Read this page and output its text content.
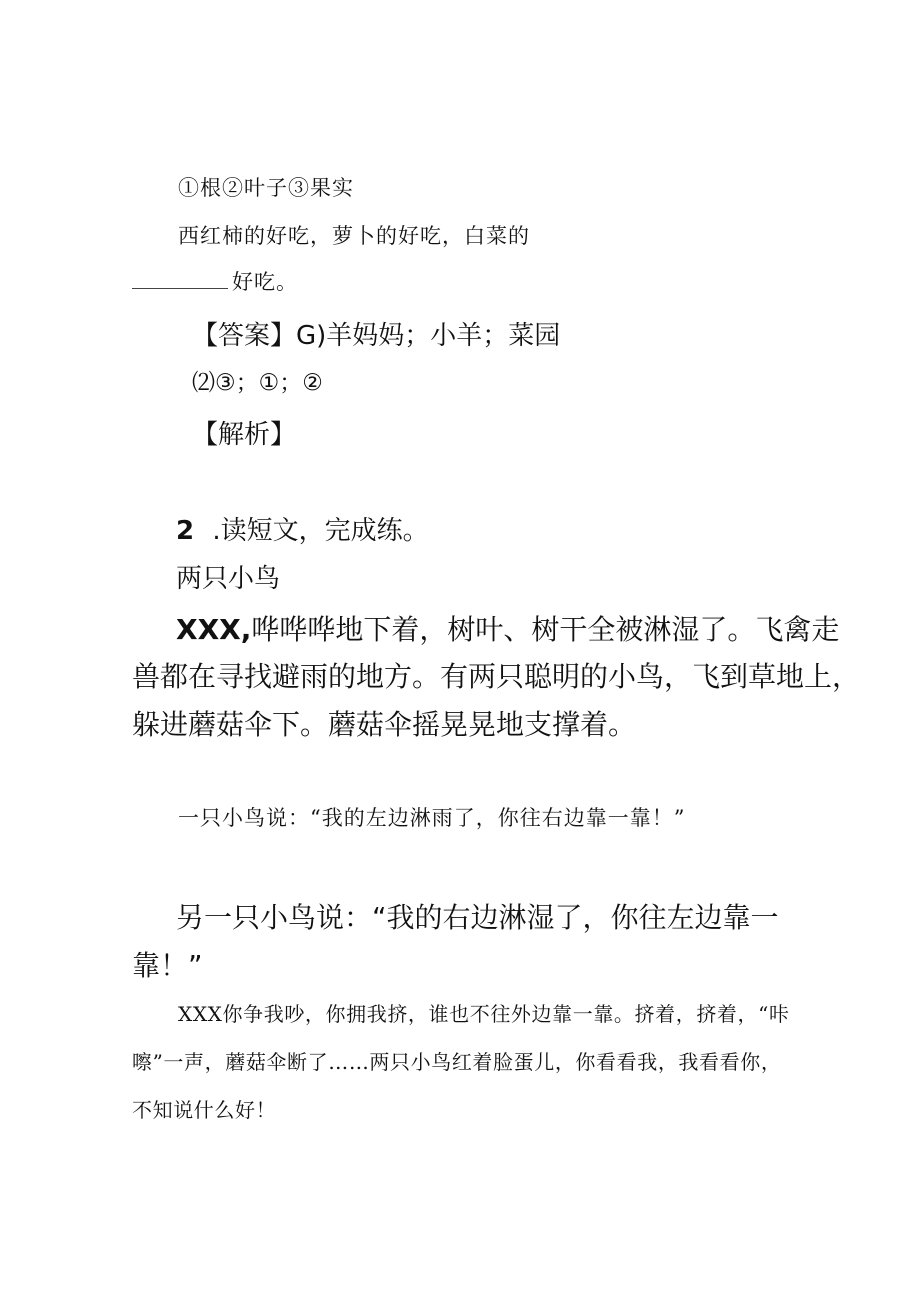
①根②叶子③果实
西红柿的好吃，萝卜的好吃，白菜的
好吃。
【答案】G)羊妈妈；小羊；菜园
⑵③；①；②
【解析】
2 .读短文，完成练。
两只小鸟
XXX,哗哗哗地下着，树叶、树干全被淋湿了。飞禽走
兽都在寻找避雨的地方。有两只聪明的小鸟，飞到草地上，
躲进蘑菇伞下。蘑菇伞摇晃晃地支撑着。
一只小鸟说：“我的左边淋雨了，你往右边靠一靠！”
另一只小鸟说：“我的右边淋湿了，你往左边靠一
靠！”
XXX你争我吵，你拥我挤，谁也不往外边靠一靠。挤着，挤着，“咔
嚓”一声，蘑菇伞断了……两只小鸟红着脸蛋儿，你看看我，我看看你，
不知说什么好！
